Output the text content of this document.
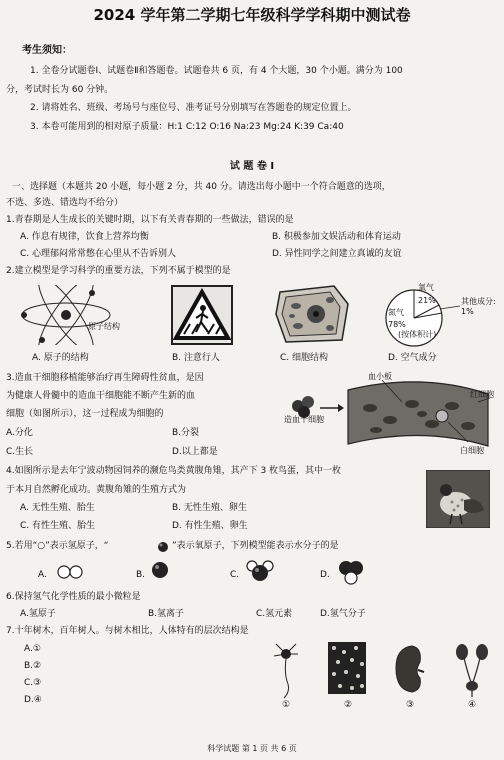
2024 学年第二学期七年级科学学科期中测试卷
考生须知：
1. 全卷分试题卷Ⅰ、试题卷Ⅱ和答题卷。试题卷共 6 页，有 4 个大题，30 个小题。满分为 100
分，考试时长为 60 分钟。
2. 请将姓名、班级、考场号与座位号、准考证号分别填写在答题卷的规定位置上。
3. 本卷可能用到的相对原子质量：H:1 C:12 O:16 Na:23 Mg:24 K:39 Ca:40
试 题 卷 Ⅰ
一、选择题（本题共 20 小题，每小题 2 分，共 40 分。请选出每小题中一个符合题意的选项，
不选、多选、错选均不给分）
1.青春期是人生成长的关键时期，以下有关青春期的一些做法，错误的是
A. 作息有规律，饮食上营养均衡	B. 积极参加文娱活动和体育运动
C. 心理郁闷常常憋在心里从不告诉别人	D. 异性同学之间建立真诚的友谊
2.建立模型是学习科学的重要方法，下列不属于模型的是
原子结构
氧气
21%	其他成分: 1%
氮气
78%
(按体积计)
A. 原子的结构	B. 注意行人	C. 细胞结构	D. 空气成分
3.造血干细胞移植能够治疗再生障碍性贫血，是因
为健康人骨髓中的造血干细胞能不断产生新的血
细胞（如图所示），这一过程成为细胞的
A.分化	B.分裂
C.生长	D.以上都是
血小板
红细胞
造血干细胞
白细胞
4.如图所示是去年宁波动物园饲养的濒危鸟类黄腹角雉，其产下 3 枚鸟蛋，其中一枚
于本月自然孵化成功。黄腹角雉的生殖方式为
A. 无性生殖、胎生	B. 无性生殖、卵生
C. 有性生殖、胎生	D. 有性生殖、卵生
5.若用“○”表示氢原子，“	”表示氧原子，下列模型能表示水分子的是
A.	B.	C.	D.
6.保持氢气化学性质的最小微粒是
A.氢原子	B.氢离子	C.氢元素	D.氢气分子
7.十年树木，百年树人。与树木相比，人体特有的层次结构是
A.①
B.②
C.③
D.④	①	②	③	④
科学试题 第 1 页 共 6 页
